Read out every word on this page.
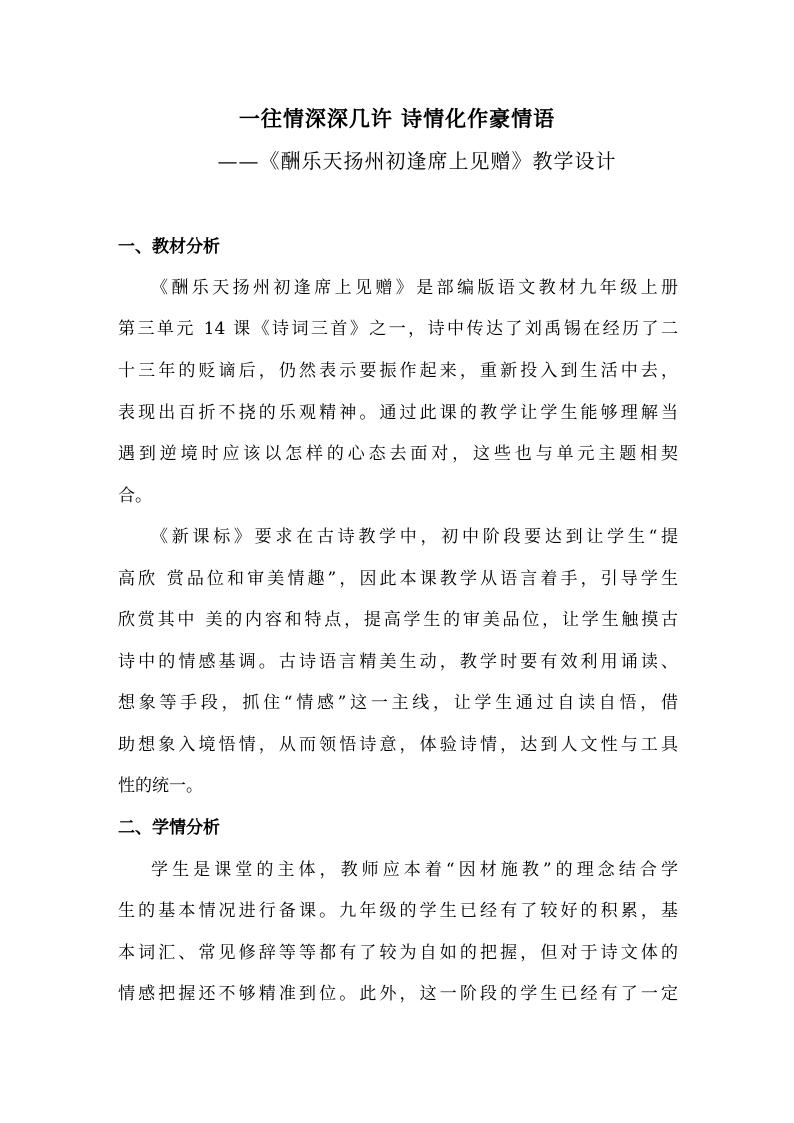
一往情深深几许 诗情化作豪情语
——《酬乐天扬州初逢席上见赠》教学设计
一、教材分析
《酬乐天扬州初逢席上见赠》是部编版语文教材九年级上册
第三单元 14 课《诗词三首》之一，诗中传达了刘禹锡在经历了二
十三年的贬谪后，仍然表示要振作起来，重新投入到生活中去，
表现出百折不挠的乐观精神。通过此课的教学让学生能够理解当
遇到逆境时应该以怎样的心态去面对，这些也与单元主题相契
合。
《新课标》要求在古诗教学中，初中阶段要达到让学生“提
高欣 赏品位和审美情趣”，因此本课教学从语言着手，引导学生
欣赏其中 美的内容和特点，提高学生的审美品位，让学生触摸古
诗中的情感基调。古诗语言精美生动，教学时要有效利用诵读、
想象等手段，抓住“情感”这一主线，让学生通过自读自悟，借
助想象入境悟情，从而领悟诗意，体验诗情，达到人文性与工具
性的统一。
二、学情分析
学生是课堂的主体，教师应本着“因材施教”的理念结合学
生的基本情况进行备课。九年级的学生已经有了较好的积累，基
本词汇、常见修辞等等都有了较为自如的把握，但对于诗文体的
情感把握还不够精准到位。此外，这一阶段的学生已经有了一定
